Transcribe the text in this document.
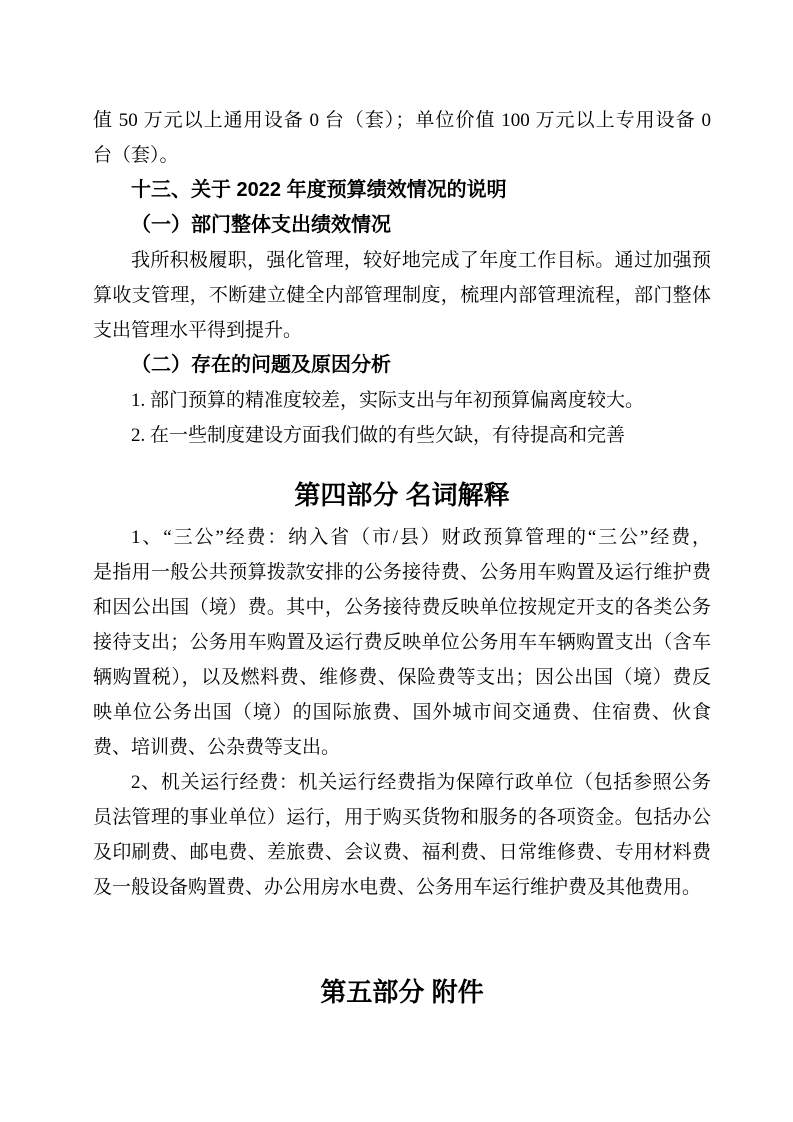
值 50 万元以上通用设备 0 台（套）；单位价值 100 万元以上专用设备 0
台（套）。
十三、关于 2022 年度预算绩效情况的说明
（一）部门整体支出绩效情况
我所积极履职，强化管理，较好地完成了年度工作目标。通过加强预
算收支管理，不断建立健全内部管理制度，梳理内部管理流程，部门整体
支出管理水平得到提升。
（二）存在的问题及原因分析
1. 部门预算的精准度较差，实际支出与年初预算偏离度较大。
2. 在一些制度建设方面我们做的有些欠缺，有待提高和完善
第四部分 名词解释
1、“三公”经费：纳入省（市/县）财政预算管理的“三公”经费，
是指用一般公共预算拨款安排的公务接待费、公务用车购置及运行维护费
和因公出国（境）费。其中，公务接待费反映单位按规定开支的各类公务
接待支出；公务用车购置及运行费反映单位公务用车车辆购置支出（含车
辆购置税），以及燃料费、维修费、保险费等支出；因公出国（境）费反
映单位公务出国（境）的国际旅费、国外城市间交通费、住宿费、伙食
费、培训费、公杂费等支出。
2、机关运行经费：机关运行经费指为保障行政单位（包括参照公务
员法管理的事业单位）运行，用于购买货物和服务的各项资金。包括办公
及印刷费、邮电费、差旅费、会议费、福利费、日常维修费、专用材料费
及一般设备购置费、办公用房水电费、公务用车运行维护费及其他费用。
第五部分 附件
